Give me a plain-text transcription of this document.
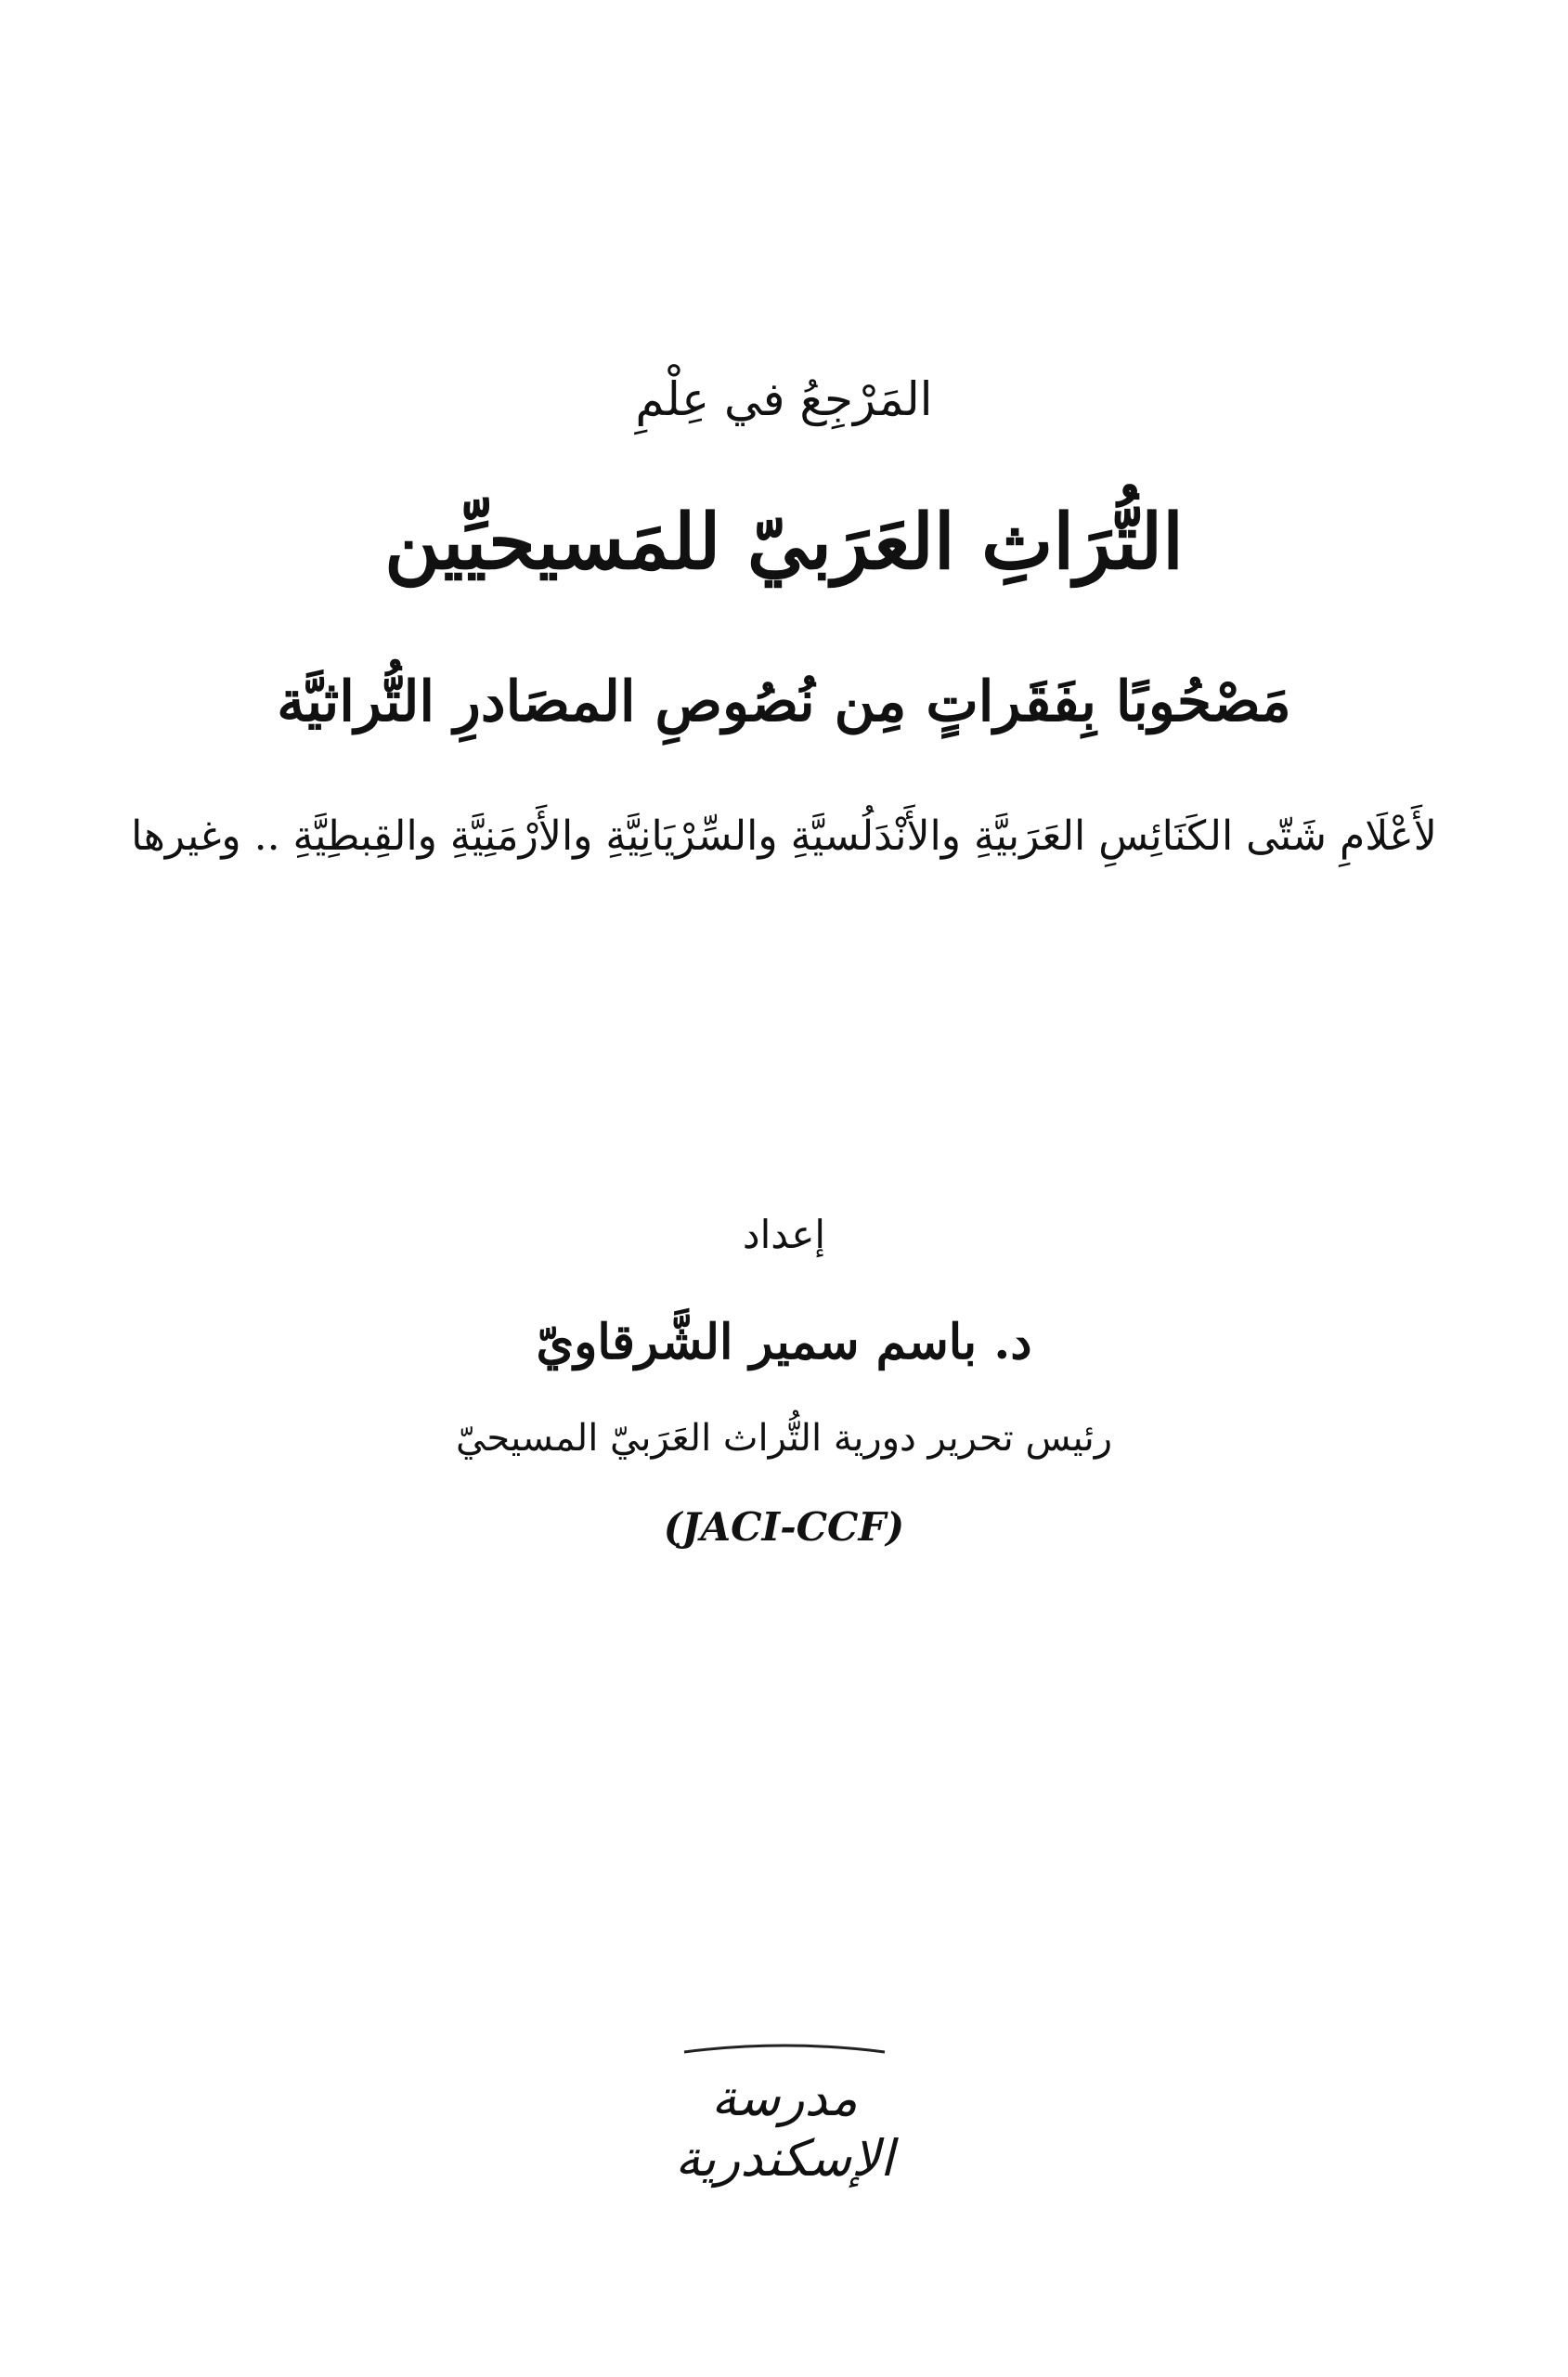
المَرْجِعُ في عِلْمِ
التُّرَاثِ العَرَبيّ للمَسيحيِّين
مَصْحُوبًا بِفَقَراتٍ مِن نُصُوصِ المصَادرِ التُّراثيَّة
لأَعْلَامِ شَتّى الكَنَائِسِ العَرَبيَّةِ والأَنْدَلُسيَّةِ والسِّرْيَانِيَّةِ والأَرْمَنِيَّةِ والقِبطِيَّةِ .. وغيرها
إعداد
د. باسم سمير الشَّرقاويّ
رئيس تحرير دورية التُّراث العَرَبيّ المسيحيّ
(JACI-CCF)
مدرسة الإسكندرية
